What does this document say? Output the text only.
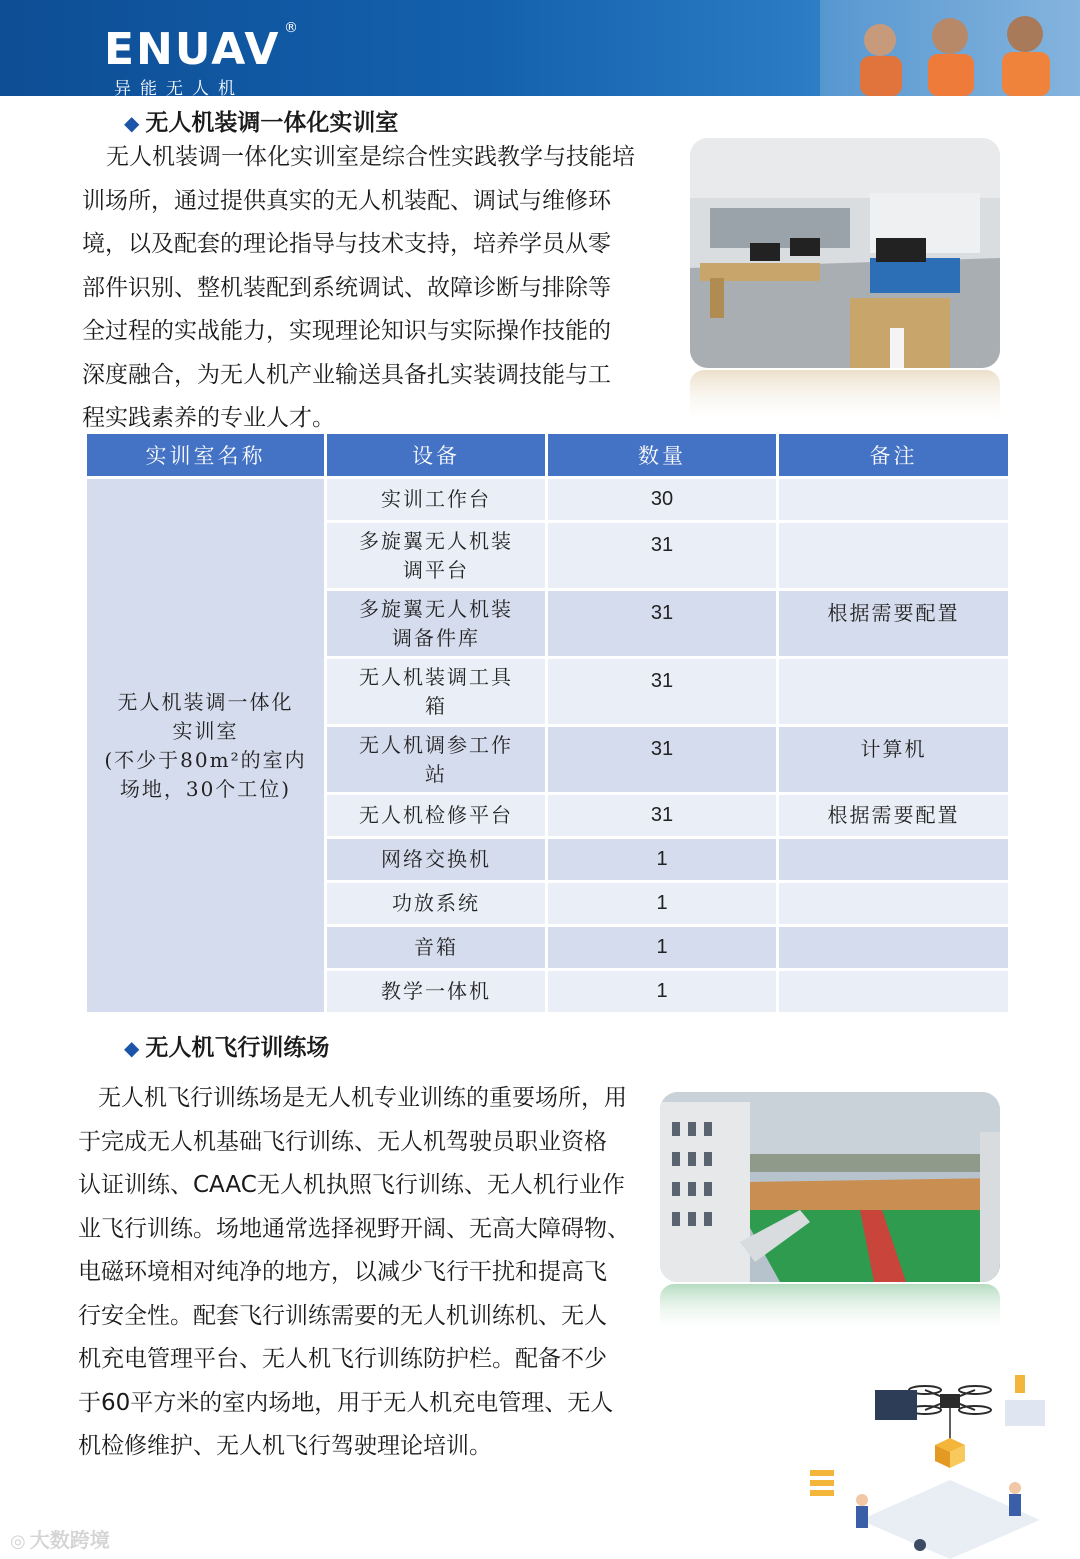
ENUAV
异能无人机
®
◆ 无人机装调一体化实训室
无人机装调一体化实训室是综合性实践教学与技能培
训场所，通过提供真实的无人机装配、调试与维修环
境，以及配套的理论指导与技术支持，培养学员从零
部件识别、整机装配到系统调试、故障诊断与排除等
全过程的实战能力，实现理论知识与实际操作技能的
深度融合，为无人机产业输送具备扎实装调技能与工
程实践素养的专业人才。
实训室名称	设备	数量	备注

无人机装调一体化
实训室
(不少于80m²的室内
场地，30个工位)	实训工作台	30	
	多旋翼无人机装调平台	31	
	多旋翼无人机装调备件库	31	根据需要配置
	无人机装调工具箱	31	
	无人机调参工作站	31	计算机
	无人机检修平台	31	根据需要配置
	网络交换机	1	
	功放系统	1	
	音箱	1	
	教学一体机	1	
◆ 无人机飞行训练场
无人机飞行训练场是无人机专业训练的重要场所，用
于完成无人机基础飞行训练、无人机驾驶员职业资格
认证训练、CAAC无人机执照飞行训练、无人机行业作
业飞行训练。场地通常选择视野开阔、无高大障碍物、
电磁环境相对纯净的地方，以减少飞行干扰和提高飞
行安全性。配套飞行训练需要的无人机训练机、无人
机充电管理平台、无人机飞行训练防护栏。配备不少
于60平方米的室内场地，用于无人机充电管理、无人
机检修维护、无人机飞行驾驶理论培训。
◎ 大数跨境
